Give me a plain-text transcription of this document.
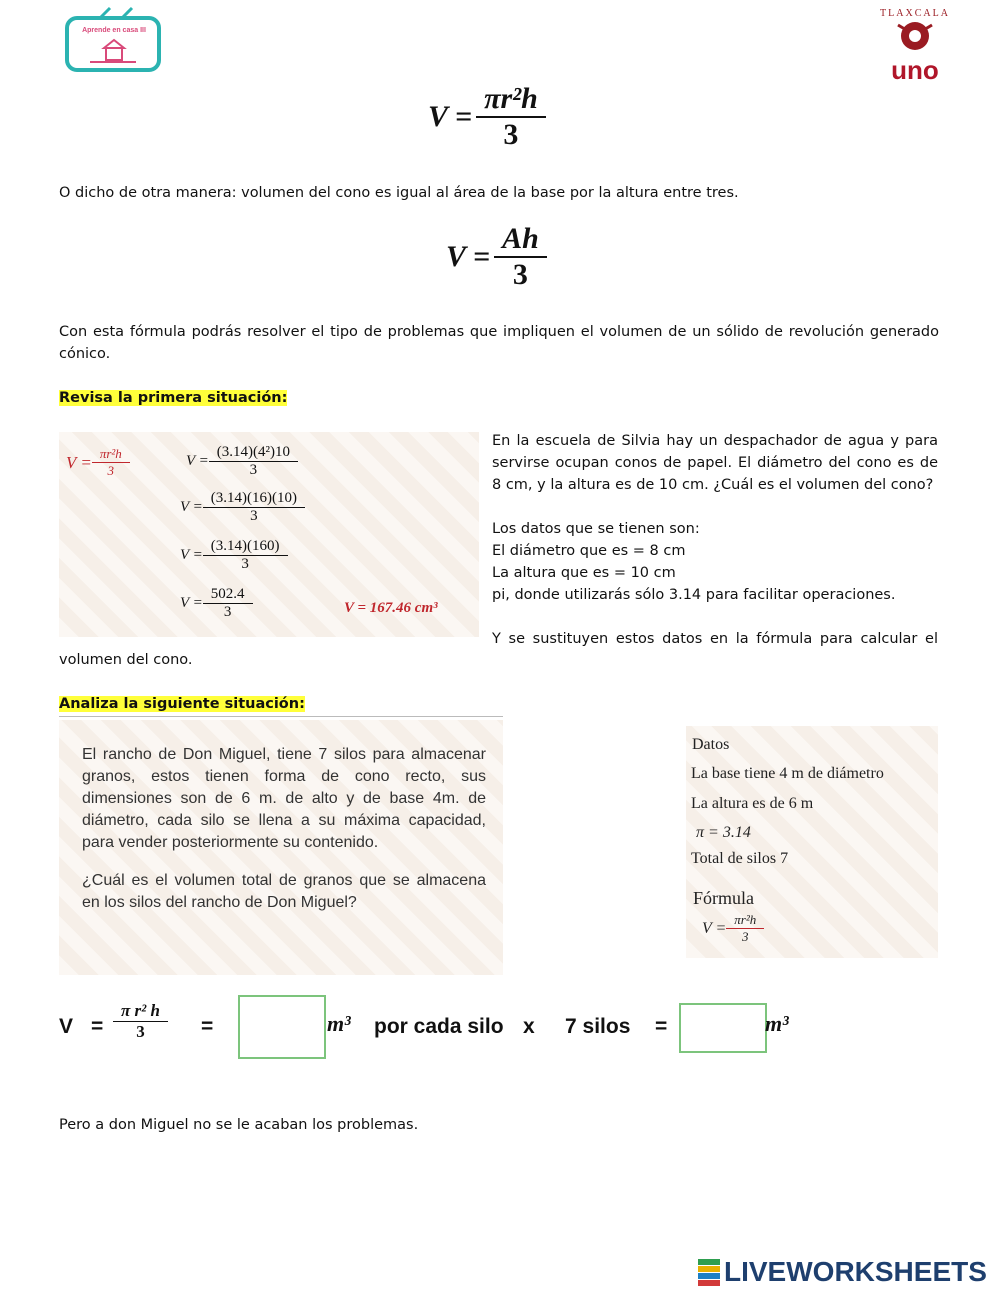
Aprende en casa III
TLAXCALA
uno
$V = \frac{\text{πr²h}}{3}$
O dicho de otra manera: volumen del cono es igual al área de la base por la altura entre tres.
$V = \frac{Ah}{3}$
Con esta fórmula podrás resolver el tipo de problemas que impliquen el volumen de un sólido de revolución generado cónico.
Revisa la primera situación:
$V = \frac{\text{πr²h}}{3}$	$V = \frac{\text{(3.14)(4²)10}}{3}$
$V = \frac{(3.14)(16)(10)}{3}$
$V = \frac{(3.14)(160)}{3}$
$V = \frac{502.4}{3}$	V = 167.46 cm³
En la escuela de Silvia hay un despachador de agua y para servirse ocupan conos de papel. El diámetro del cono es de 8 cm, y la altura es de 10 cm. ¿Cuál es el volumen del cono?
Los datos que se tienen son:
El diámetro que es = 8 cm
La altura que es = 10 cm
pi, donde utilizarás sólo 3.14 para facilitar operaciones.
Y se sustituyen estos datos en la fórmula para calcular el
volumen del cono.
Analiza la siguiente situación:
El rancho de Don Miguel, tiene 7 silos para almacenar granos, estos tienen forma de cono recto, sus dimensiones son de 6 m. de alto y de base 4m. de diámetro, cada silo se llena a su máxima capacidad, para vender posteriormente su contenido.
¿Cuál es el volumen total de granos que se almacena en los silos del rancho de Don Miguel?
Datos
La base tiene 4 m de diámetro
La altura es de 6 m
π = 3.14
Total de silos 7
Fórmula
$V = \frac{\text{πr²h}}{3}$
$V = \frac{\text{π r² h}}{3}$ =	m³ por cada silo x 7 silos =	m³
Pero a don Miguel no se le acaban los problemas.
LIVEWORKSHEETS
